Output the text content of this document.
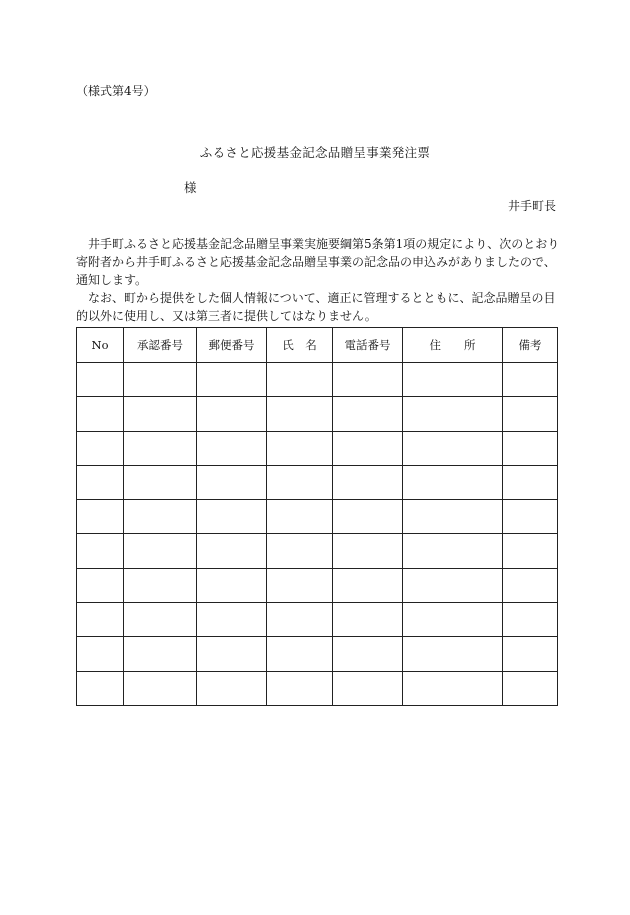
（様式第4号）
ふるさと応援基金記念品贈呈事業発注票
様
井手町長

井手町ふるさと応援基金記念品贈呈事業実施要綱第5条第1項の規定により、次のとおり寄附者から井手町ふるさと応援基金記念品贈呈事業の記念品の申込みがありましたので、通知します。

なお、町から提供をした個人情報について、適正に管理するとともに、記念品贈呈の目的以外に使用し、又は第三者に提供してはなりません。

No	承認番号	郵便番号	氏　名	電話番号	住　　所	備考
